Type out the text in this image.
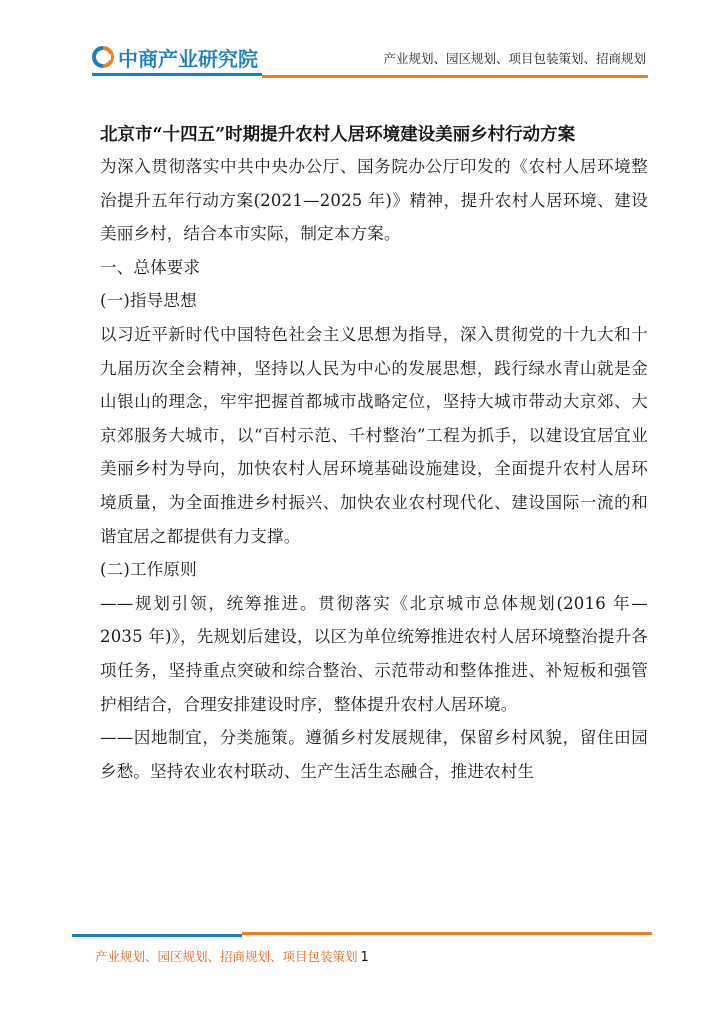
中商产业研究院	产业规划、园区规划、项目包装策划、招商规划
北京市“十四五”时期提升农村人居环境建设美丽乡村行动方案

为深入贯彻落实中共中央办公厅、国务院办公厅印发的《农村人居环境整治提升五年行动方案(2021—2025 年)》精神，提升农村人居环境、建设美丽乡村，结合本市实际，制定本方案。

一、总体要求

(一)指导思想

以习近平新时代中国特色社会主义思想为指导，深入贯彻党的十九大和十九届历次全会精神，坚持以人民为中心的发展思想，践行绿水青山就是金山银山的理念，牢牢把握首都城市战略定位，坚持大城市带动大京郊、大京郊服务大城市，以“百村示范、千村整治”工程为抓手，以建设宜居宜业美丽乡村为导向，加快农村人居环境基础设施建设，全面提升农村人居环境质量，为全面推进乡村振兴、加快农业农村现代化、建设国际一流的和谐宜居之都提供有力支撑。

(二)工作原则

——规划引领，统筹推进。贯彻落实《北京城市总体规划(2016 年—2035 年)》，先规划后建设，以区为单位统筹推进农村人居环境整治提升各项任务，坚持重点突破和综合整治、示范带动和整体推进、补短板和强管护相结合，合理安排建设时序，整体提升农村人居环境。

——因地制宜，分类施策。遵循乡村发展规律，保留乡村风貌，留住田园乡愁。坚持农业农村联动、生产生活生态融合，推进农村生

产业规划、园区规划、招商规划、项目包装策划 1
